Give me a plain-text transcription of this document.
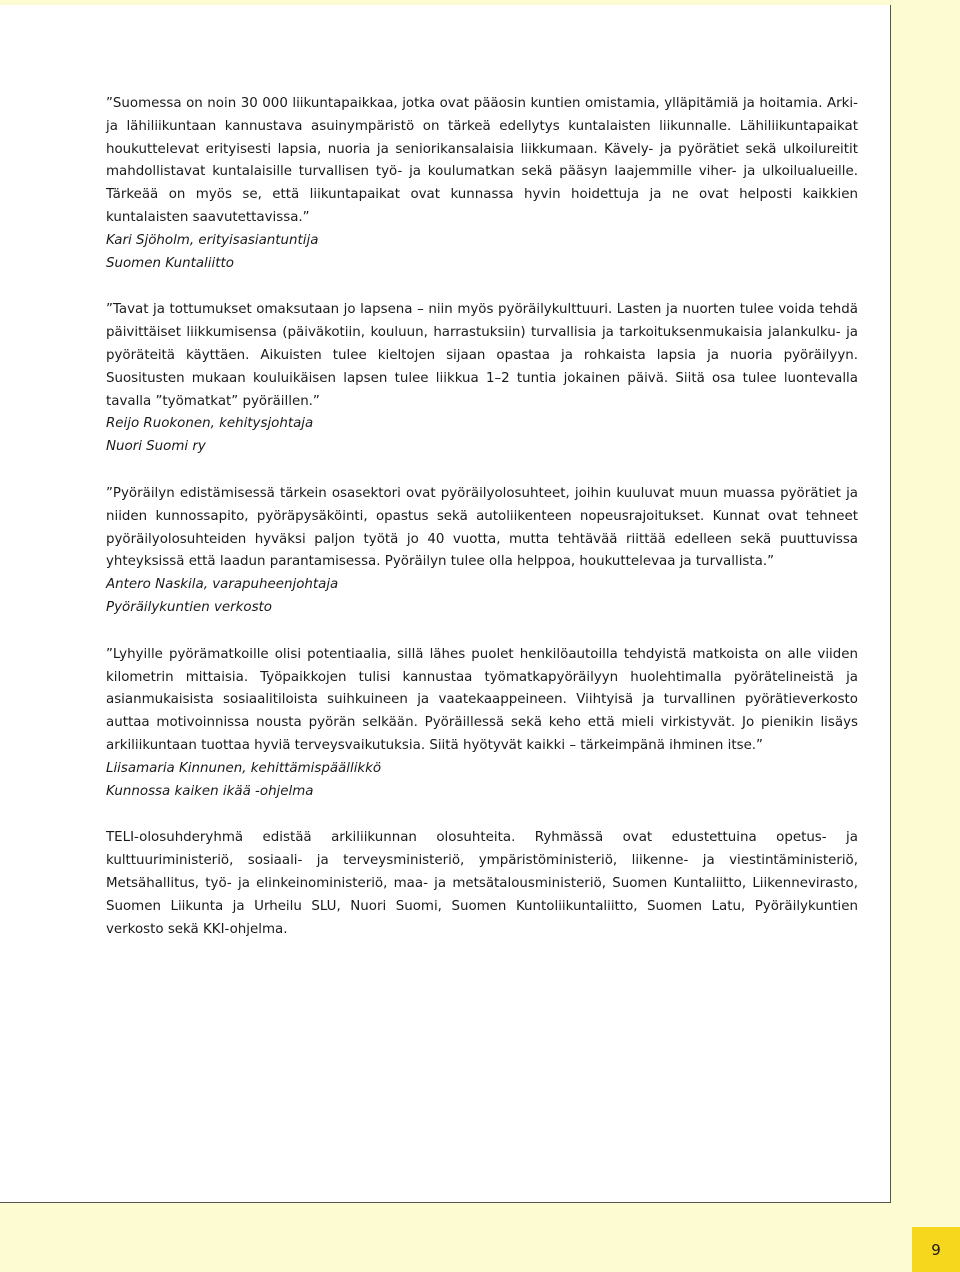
”Suomessa on noin 30 000 liikuntapaikkaa, jotka ovat pääosin kuntien omistamia, ylläpitämiä ja hoitamia. Arki- ja lähiliikuntaan kannustava asuinympäristö on tärkeä edellytys kuntalaisten liikunnalle. Lähiliikuntapaikat houkuttelevat erityisesti lapsia, nuoria ja seniorikansalaisia liikkumaan. Kävely- ja pyörätiet sekä ulkoilureitit mahdollistavat kuntalaisille turvallisen työ- ja koulumatkan sekä pääsyn laajemmille viher- ja ulkoilualueille. Tärkeää on myös se, että liikuntapaikat ovat kunnassa hyvin hoidettuja ja ne ovat helposti kaikkien kuntalaisten saavutettavissa.”

Kari Sjöholm, erityisasiantuntija

Suomen Kuntaliitto

”Tavat ja tottumukset omaksutaan jo lapsena – niin myös pyöräilykulttuuri. Lasten ja nuorten tulee voida tehdä päivittäiset liikkumisensa (päiväkotiin, kouluun, harrastuksiin) turvallisia ja tarkoituksenmukaisia jalankulku- ja pyöräteitä käyttäen. Aikuisten tulee kieltojen sijaan opastaa ja rohkaista lapsia ja nuoria pyöräilyyn. Suositusten mukaan kouluikäisen lapsen tulee liikkua 1–2 tuntia jokainen päivä. Siitä osa tulee luontevalla tavalla ”työmatkat” pyöräillen.”

Reijo Ruokonen, kehitysjohtaja

Nuori Suomi ry

”Pyöräilyn edistämisessä tärkein osasektori ovat pyöräilyolosuhteet, joihin kuuluvat muun muassa pyörätiet ja niiden kunnossapito, pyöräpysäköinti, opastus sekä autoliikenteen nopeusrajoitukset. Kunnat ovat tehneet pyöräilyolosuhteiden hyväksi paljon työtä jo 40 vuotta, mutta tehtävää riittää edelleen sekä puuttuvissa yhteyksissä että laadun parantamisessa. Pyöräilyn tulee olla helppoa, houkuttelevaa ja turvallista.”

Antero Naskila, varapuheenjohtaja

Pyöräilykuntien verkosto

”Lyhyille pyörämatkoille olisi potentiaalia, sillä lähes puolet henkilöautoilla tehdyistä matkoista on alle viiden kilometrin mittaisia. Työpaikkojen tulisi kannustaa työmatkapyöräilyyn huolehtimalla pyörätelineistä ja asianmukaisista sosiaalitiloista suihkuineen ja vaatekaappeineen. Viihtyisä ja turvallinen pyörätieverkosto auttaa motivoinnissa nousta pyörän selkään. Pyöräillessä sekä keho että mieli virkistyvät. Jo pienikin lisäys arkiliikuntaan tuottaa hyviä terveysvaikutuksia. Siitä hyötyvät kaikki – tärkeimpänä ihminen itse.”

Liisamaria Kinnunen, kehittämispäällikkö

Kunnossa kaiken ikää -ohjelma

TELI-olosuhderyhmä edistää arkiliikunnan olosuhteita. Ryhmässä ovat edustettuina opetus- ja kulttuuriministeriö, sosiaali- ja terveysministeriö, ympäristöministeriö, liikenne- ja viestintäministeriö, Metsähallitus, työ- ja elinkeinoministeriö, maa- ja metsätalousministeriö, Suomen Kuntaliitto, Liikennevirasto, Suomen Liikunta ja Urheilu SLU, Nuori Suomi, Suomen Kuntoliikuntaliitto, Suomen Latu, Pyöräilykuntien verkosto sekä KKI-ohjelma.

9
